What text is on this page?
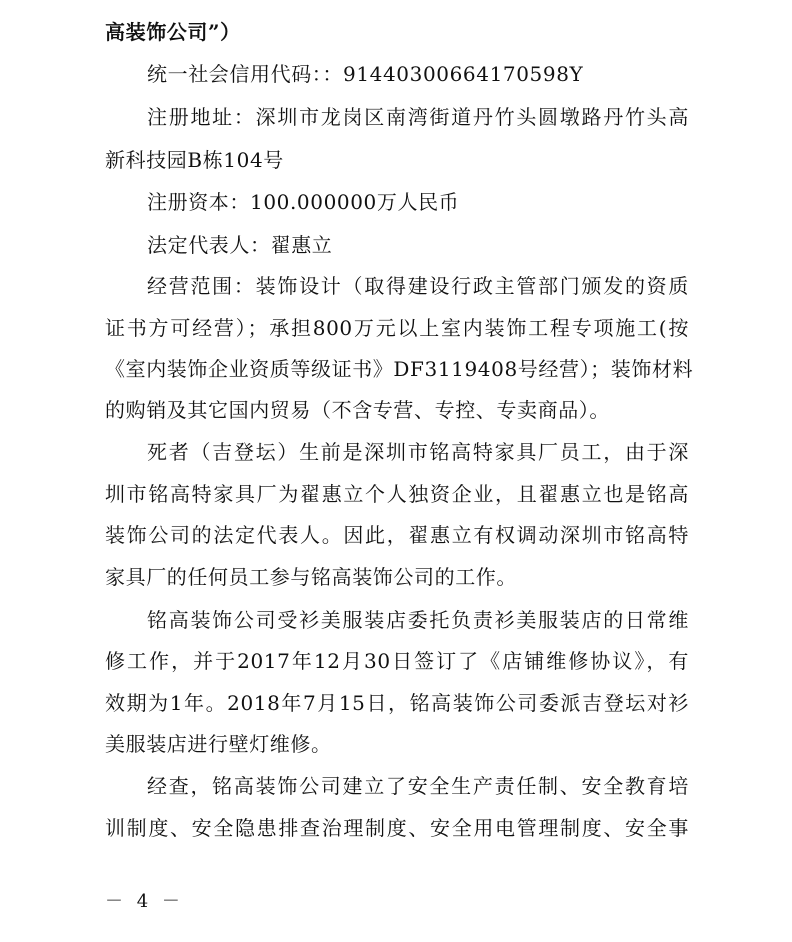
高装饰公司”）
统一社会信用代码：：91440300664170598Y
注册地址：深圳市龙岗区南湾街道丹竹头圆墩路丹竹头高
新科技园B栋104号
注册资本：100.000000万人民币
法定代表人：翟惠立
经营范围：装饰设计（取得建设行政主管部门颁发的资质
证书方可经营）；承担800万元以上室内装饰工程专项施工(按
《室内装饰企业资质等级证书》DF3119408号经营）；装饰材料
的购销及其它国内贸易（不含专营、专控、专卖商品）。
死者（吉登坛）生前是深圳市铭高特家具厂员工，由于深
圳市铭高特家具厂为翟惠立个人独资企业，且翟惠立也是铭高
装饰公司的法定代表人。因此，翟惠立有权调动深圳市铭高特
家具厂的任何员工参与铭高装饰公司的工作。
铭高装饰公司受衫美服装店委托负责衫美服装店的日常维
修工作，并于2017年12月30日签订了《店铺维修协议》，有
效期为1年。2018年7月15日，铭高装饰公司委派吉登坛对衫
美服装店进行壁灯维修。
经查，铭高装饰公司建立了安全生产责任制、安全教育培
训制度、安全隐患排查治理制度、安全用电管理制度、安全事
－ 4 －
